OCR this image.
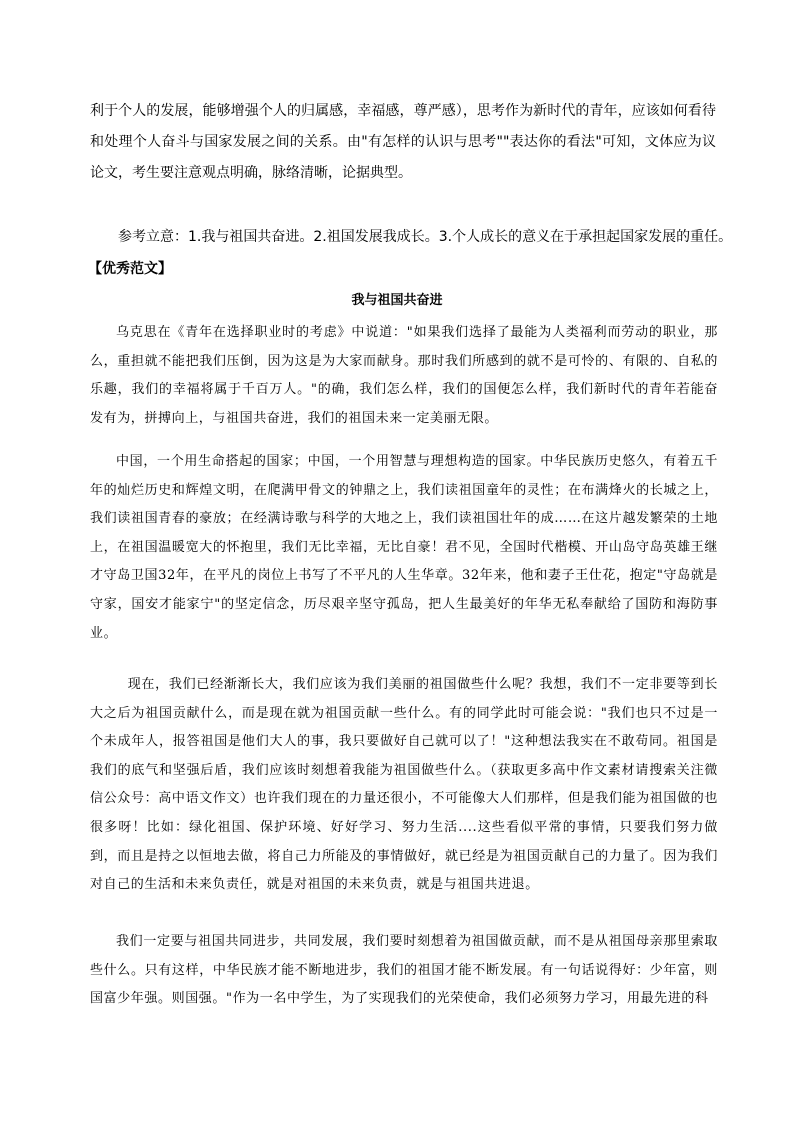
利于个人的发展，能够增强个人的归属感，幸福感，尊严感），思考作为新时代的青年，应该如何看待和处理个人奋斗与国家发展之间的关系。由"有怎样的认识与思考""表达你的看法"可知，文体应为议论文，考生要注意观点明确，脉络清晰，论据典型。

参考立意：1.我与祖国共奋进。2.祖国发展我成长。3.个人成长的意义在于承担起国家发展的重任。

【优秀范文】

我与祖国共奋进

乌克思在《青年在选择职业时的考虑》中说道："如果我们选择了最能为人类福利而劳动的职业，那么，重担就不能把我们压倒，因为这是为大家而献身。那时我们所感到的就不是可怜的、有限的、自私的乐趣，我们的幸福将属于千百万人。"的确，我们怎么样，我们的国便怎么样，我们新时代的青年若能奋发有为，拼搏向上，与祖国共奋进，我们的祖国未来一定美丽无限。

中国，一个用生命搭起的国家；中国，一个用智慧与理想构造的国家。中华民族历史悠久，有着五千年的灿烂历史和辉煌文明，在爬满甲骨文的钟鼎之上，我们读祖国童年的灵性；在布满烽火的长城之上，我们读祖国青春的豪放；在经满诗歌与科学的大地之上，我们读祖国壮年的成……在这片越发繁荣的土地上，在祖国温暖宽大的怀抱里，我们无比幸福，无比自豪！君不见，全国时代楷模、开山岛守岛英雄王继才守岛卫国32年，在平凡的岗位上书写了不平凡的人生华章。32年来，他和妻子王仕花，抱定"守岛就是守家，国安才能家宁"的坚定信念，历尽艰辛坚守孤岛，把人生最美好的年华无私奉献给了国防和海防事业。

现在，我们已经渐渐长大，我们应该为我们美丽的祖国做些什么呢？我想，我们不一定非要等到长大之后为祖国贡献什么，而是现在就为祖国贡献一些什么。有的同学此时可能会说："我们也只不过是一个未成年人，报答祖国是他们大人的事，我只要做好自己就可以了！"这种想法我实在不敢苟同。祖国是我们的底气和坚强后盾，我们应该时刻想着我能为祖国做些什么。（获取更多高中作文素材请搜索关注微信公众号：高中语文作文）也许我们现在的力量还很小，不可能像大人们那样，但是我们能为祖国做的也很多呀！比如：绿化祖国、保护环境、好好学习、努力生活....这些看似平常的事情，只要我们努力做到，而且是持之以恒地去做，将自己力所能及的事情做好，就已经是为祖国贡献自己的力量了。因为我们对自己的生活和未来负责任，就是对祖国的未来负责，就是与祖国共进退。

我们一定要与祖国共同进步，共同发展，我们要时刻想着为祖国做贡献，而不是从祖国母亲那里索取些什么。只有这样，中华民族才能不断地进步，我们的祖国才能不断发展。有一句话说得好：少年富，则国富少年强。则国强。"作为一名中学生，为了实现我们的光荣使命，我们必须努力学习，用最先进的科
